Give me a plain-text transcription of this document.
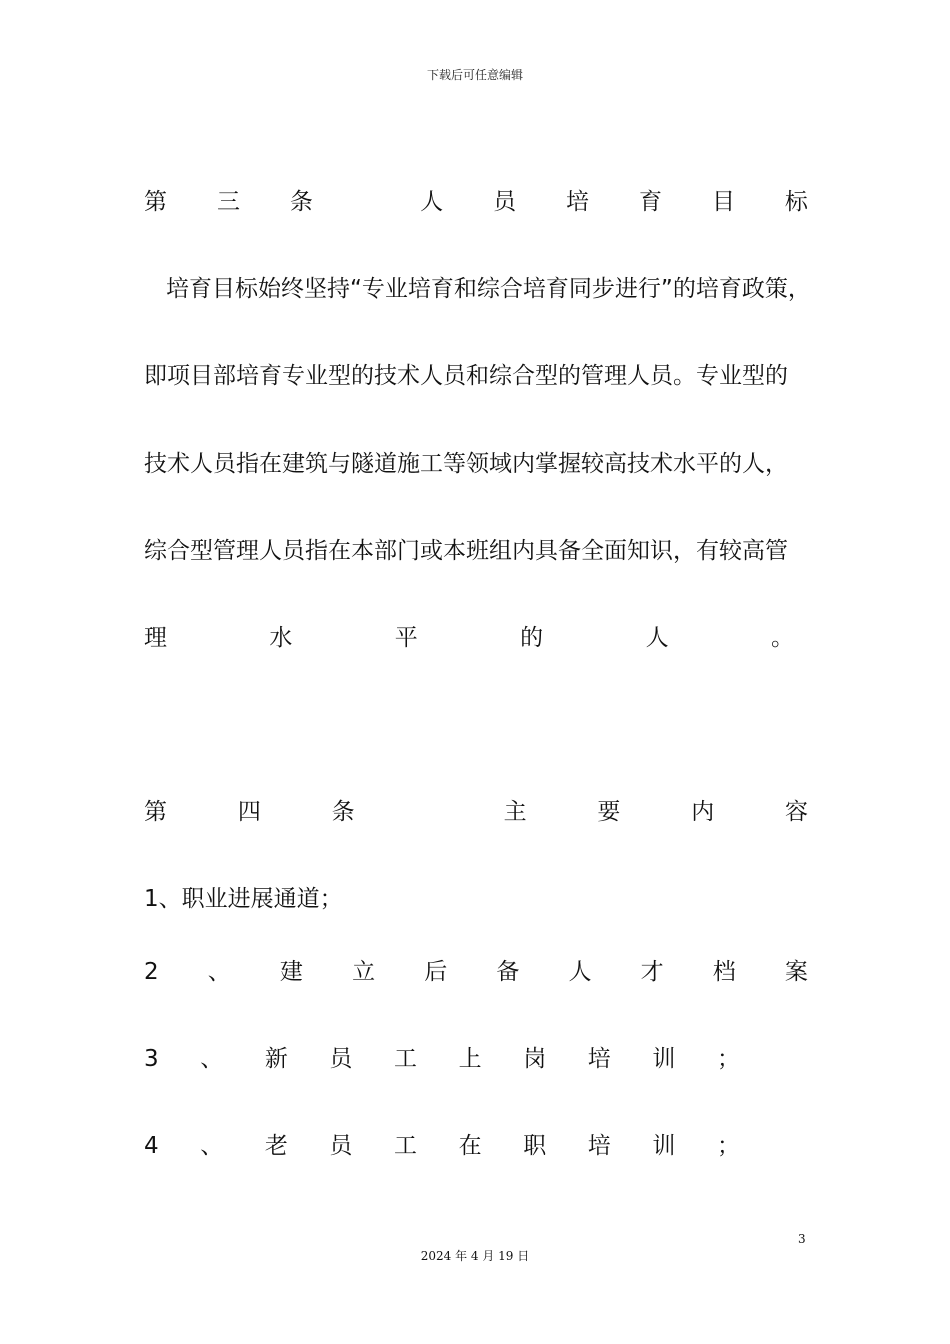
下载后可任意编辑
第 三 条
	人 员 培 育 目 标
培育目标始终坚持“专业培育和综合培育同步进行”的培育政策，
即项目部培育专业型的技术人员和综合型的管理人员。专业型的
技术人员指在建筑与隧道施工等领域内掌握较高技术水平的人，
综合型管理人员指在本部门或本班组内具备全面知识，有较高管
理	水	平	的	人	。
第	四	条
	主	要	内	容
1、职业进展通道；
2 、 建 立 后 备 人 才 档 案
3 、 新 员 工 上 岗 培 训 ；
4 、 老 员 工 在 职 培 训 ；
3
2024 年 4 月 19 日
